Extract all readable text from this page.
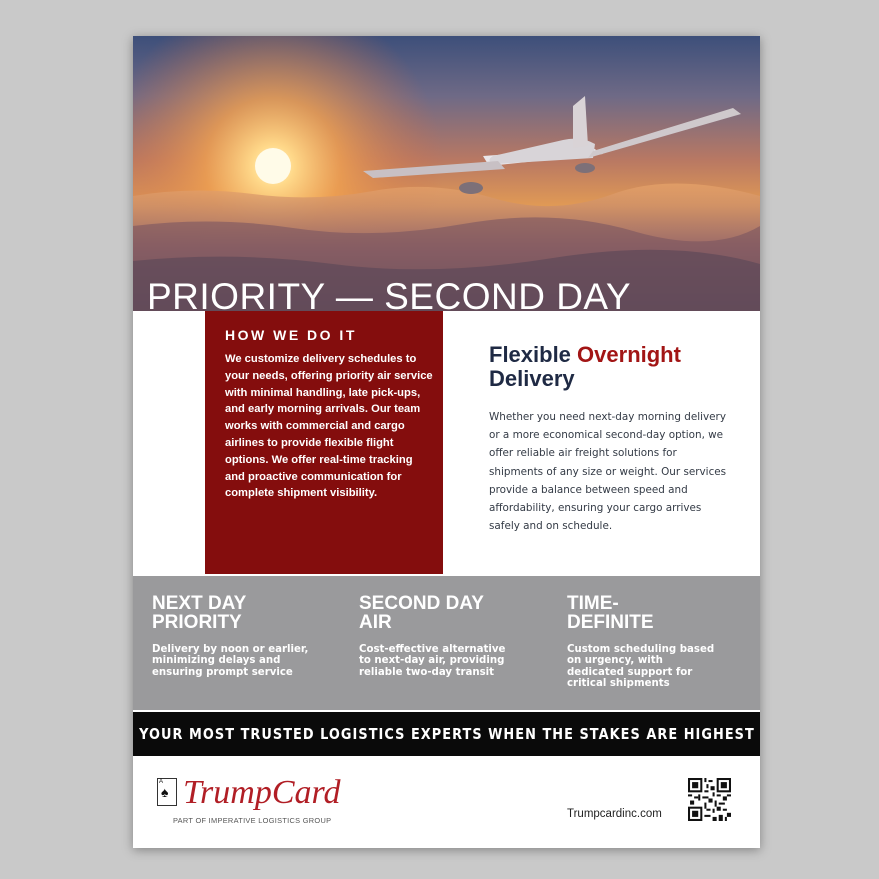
PRIORITY — SECOND DAY
HOW WE DO IT
We customize delivery schedules to your needs, offering priority air service with minimal handling, late pick-ups, and early morning arrivals. Our team works with commercial and cargo airlines to provide flexible flight options. We offer real-time tracking and proactive communication for complete shipment visibility.
Flexible Overnight
Delivery
Whether you need next-day morning delivery or a more economical second-day option, we offer reliable air freight solutions for shipments of any size or weight. Our services provide a balance between speed and affordability, ensuring your cargo arrives safely and on schedule.
NEXT DAY
PRIORITY
Delivery by noon or earlier,
minimizing delays and
ensuring prompt service
SECOND DAY
AIR
Cost-effective alternative
to next-day air, providing
reliable two-day transit
TIME-
DEFINITE
Custom scheduling based
on urgency, with
dedicated support for
critical shipments
YOUR MOST TRUSTED LOGISTICS EXPERTS WHEN THE STAKES ARE HIGHEST
A
♠ TrumpCard
PART OF IMPERATIVE LOGISTICS GROUP
Trumpcardinc.com
